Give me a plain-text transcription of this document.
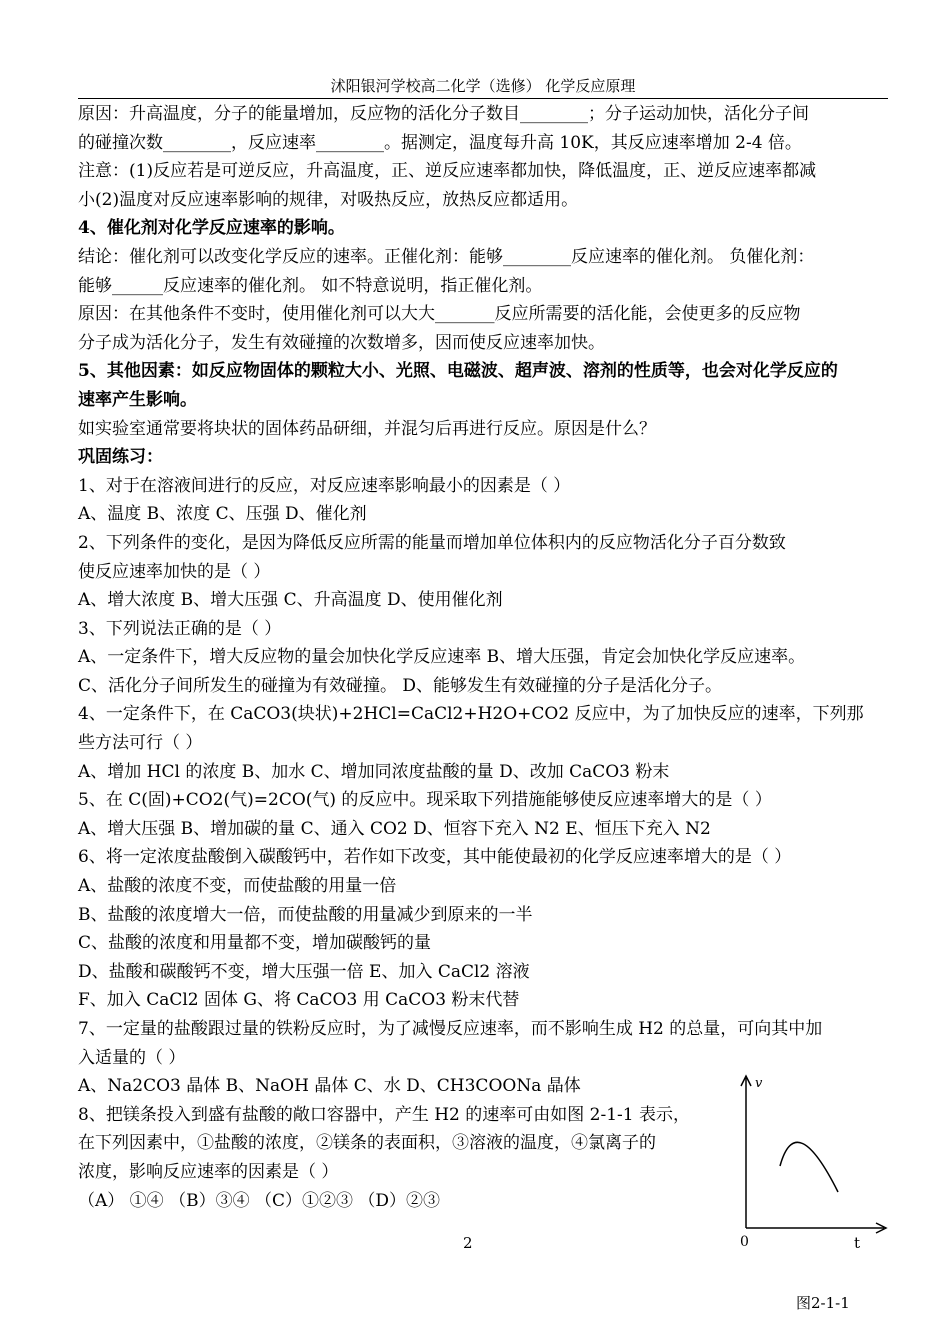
沭阳银河学校高二化学（选修） 化学反应原理

原因：升高温度，分子的能量增加，反应物的活化分子数目________；分子运动加快，活化分子间

的碰撞次数________，反应速率________。据测定，温度每升高 10K，其反应速率增加 2-4 倍。

注意：(1)反应若是可逆反应，升高温度，正、逆反应速率都加快，降低温度，正、逆反应速率都减

小(2)温度对反应速率影响的规律，对吸热反应，放热反应都适用。

4、催化剂对化学反应速率的影响。

结论：催化剂可以改变化学反应的速率。正催化剂：能够________反应速率的催化剂。 负催化剂：

能够______反应速率的催化剂。 如不特意说明，指正催化剂。

原因：在其他条件不变时，使用催化剂可以大大_______反应所需要的活化能，会使更多的反应物

分子成为活化分子，发生有效碰撞的次数增多，因而使反应速率加快。

5、其他因素：如反应物固体的颗粒大小、光照、电磁波、超声波、溶剂的性质等，也会对化学反应的

速率产生影响。

如实验室通常要将块状的固体药品研细，并混匀后再进行反应。原因是什么？

巩固练习：

1、对于在溶液间进行的反应，对反应速率影响最小的因素是（ ）

A、温度 B、浓度 C、压强 D、催化剂

2、下列条件的变化，是因为降低反应所需的能量而增加单位体积内的反应物活化分子百分数致

使反应速率加快的是（ ）

A、增大浓度 B、增大压强 C、升高温度 D、使用催化剂

3、下列说法正确的是（ ）

A、一定条件下，增大反应物的量会加快化学反应速率 B、增大压强，肯定会加快化学反应速率。

C、活化分子间所发生的碰撞为有效碰撞。 D、能够发生有效碰撞的分子是活化分子。

4、一定条件下，在 CaCO3(块状)+2HCl=CaCl2+H2O+CO2 反应中，为了加快反应的速率，下列那

些方法可行（ ）

A、增加 HCl 的浓度 B、加水 C、增加同浓度盐酸的量 D、改加 CaCO3 粉末

5、在 C(固)+CO2(气)=2CO(气) 的反应中。现采取下列措施能够使反应速率增大的是（ ）

A、增大压强 B、增加碳的量 C、通入 CO2 D、恒容下充入 N2 E、恒压下充入 N2

6、将一定浓度盐酸倒入碳酸钙中，若作如下改变，其中能使最初的化学反应速率增大的是（ ）

A、盐酸的浓度不变，而使盐酸的用量一倍

B、盐酸的浓度增大一倍，而使盐酸的用量减少到原来的一半

C、盐酸的浓度和用量都不变，增加碳酸钙的量

D、盐酸和碳酸钙不变，增大压强一倍 E、加入 CaCl2 溶液

F、加入 CaCl2 固体 G、将 CaCO3 用 CaCO3 粉末代替

7、一定量的盐酸跟过量的铁粉反应时，为了减慢反应速率，而不影响生成 H2 的总量，可向其中加

入适量的（ ）

A、Na2CO3 晶体 B、NaOH 晶体 C、水 D、CH3COONa 晶体

8、把镁条投入到盛有盐酸的敞口容器中，产生 H2 的速率可由如图 2-1-1 表示，

在下列因素中，①盐酸的浓度，②镁条的表面积，③溶液的温度，④氯离子的

浓度，影响反应速率的因素是（ ）

（A） ①④ （B）③④ （C）①②③ （D）②③

v
0	t
图2-1-1
2
